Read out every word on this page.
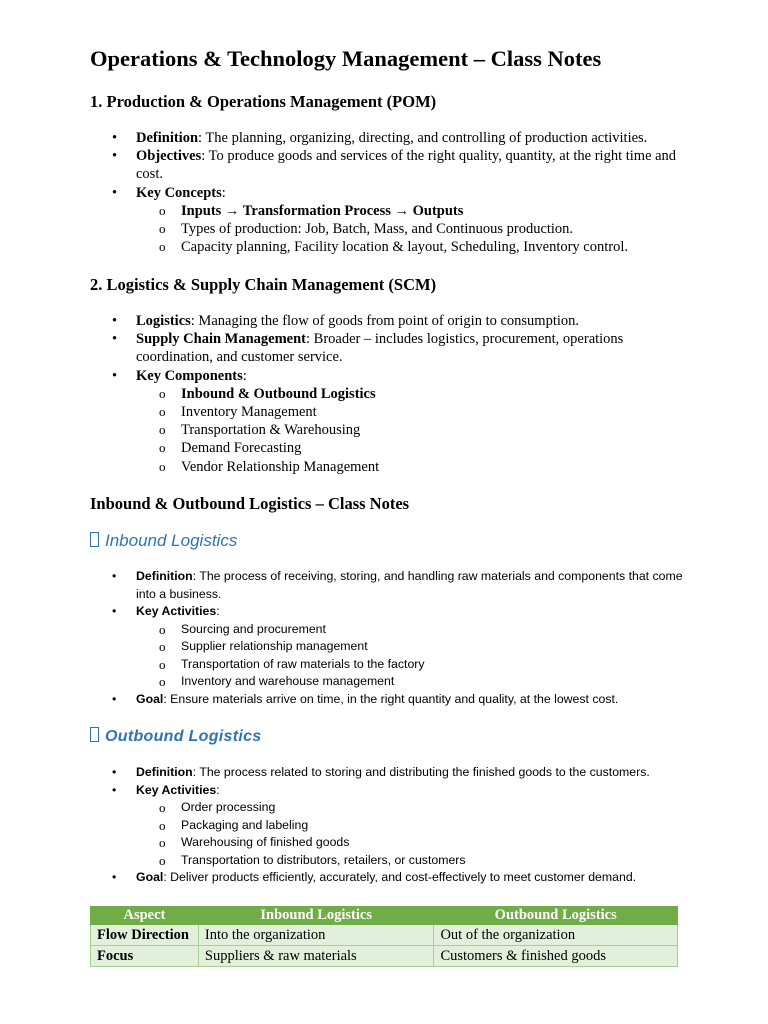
Operations & Technology Management – Class Notes
1. Production & Operations Management (POM)
• Definition: The planning, organizing, directing, and controlling of production activities.
• Objectives: To produce goods and services of the right quality, quantity, at the right time and cost.
• Key Concepts:
o Inputs → Transformation Process → Outputs
o Types of production: Job, Batch, Mass, and Continuous production.
o Capacity planning, Facility location & layout, Scheduling, Inventory control.
2. Logistics & Supply Chain Management (SCM)
• Logistics: Managing the flow of goods from point of origin to consumption.
• Supply Chain Management: Broader – includes logistics, procurement, operations coordination, and customer service.
• Key Components:
o Inbound & Outbound Logistics
o Inventory Management
o Transportation & Warehousing
o Demand Forecasting
o Vendor Relationship Management
Inbound & Outbound Logistics – Class Notes
Inbound Logistics
• Definition: The process of receiving, storing, and handling raw materials and components that come into a business.
• Key Activities:
o Sourcing and procurement
o Supplier relationship management
o Transportation of raw materials to the factory
o Inventory and warehouse management
• Goal: Ensure materials arrive on time, in the right quantity and quality, at the lowest cost.
Outbound Logistics
• Definition: The process related to storing and distributing the finished goods to the customers.
• Key Activities:
o Order processing
o Packaging and labeling
o Warehousing of finished goods
o Transportation to distributors, retailers, or customers
• Goal: Deliver products efficiently, accurately, and cost-effectively to meet customer demand.
Aspect	Inbound Logistics	Outbound Logistics
Flow Direction	Into the organization	Out of the organization
Focus	Suppliers & raw materials	Customers & finished goods
